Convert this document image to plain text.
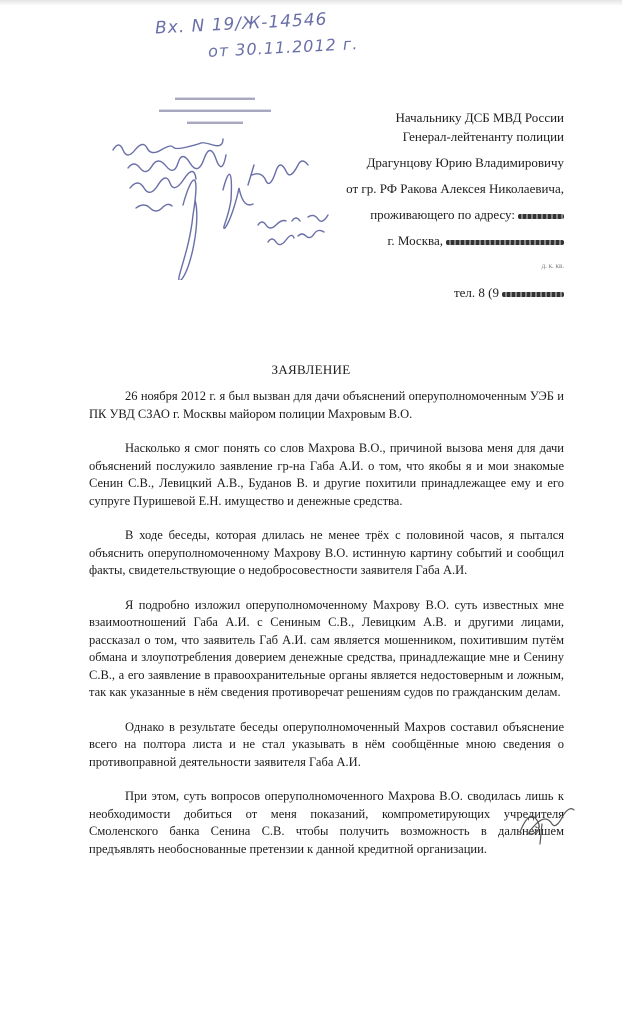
Вх. N 19/Ж-14546
от 30.11.2012 г.
▬▬▬▬▬▬▬▬▬▬
▬▬▬▬▬▬▬▬▬▬▬▬▬▬
▬▬▬▬▬▬▬	Начальнику ДСБ МВД России
Генерал-лейтенанту полиции
Драгунцову Юрию Владимировичу
от гр. РФ Ракова Алексея Николаевича,
проживающего по адресу:
г. Москва,
д. к. кв.
тел. 8 (9
ЗАЯВЛЕНИЕ

26 ноября 2012 г. я был вызван для дачи объяснений оперуполномоченным УЭБ и ПК УВД СЗАО г. Москвы майором полиции Махровым В.О.

Насколько я смог понять со слов Махрова В.О., причиной вызова меня для дачи объяснений послужило заявление гр-на Габа А.И. о том, что якобы я и мои знакомые Сенин С.В., Левицкий А.В., Буданов В. и другие похитили принадлежащее ему и его супруге Пуришевой Е.Н. имущество и денежные средства.

В ходе беседы, которая длилась не менее трёх с половиной часов, я пытался объяснить оперуполномоченному Махрову В.О. истинную картину событий и сообщил факты, свидетельствующие о недобросовестности заявителя Габа А.И.

Я подробно изложил оперуполномоченному Махрову В.О. суть известных мне взаимоотношений Габа А.И. с Сениным С.В., Левицким А.В. и другими лицами, рассказал о том, что заявитель Габ А.И. сам является мошенником, похитившим путём обмана и злоупотребления доверием денежные средства, принадлежащие мне и Сенину С.В., а его заявление в правоохранительные органы является недостоверным и ложным, так как указанные в нём сведения противоречат решениям судов по гражданским делам.

Однако в результате беседы оперуполномоченный Махров составил объяснение всего на полтора листа и не стал указывать в нём сообщённые мною сведения о противоправной деятельности заявителя Габа А.И.

При этом, суть вопросов оперуполномоченного Махрова В.О. сводилась лишь к необходимости добиться от меня показаний, компрометирующих учредителя Смоленского банка Сенина С.В. чтобы получить возможность в дальнейшем предъявлять необоснованные претензии к данной кредитной организации.
